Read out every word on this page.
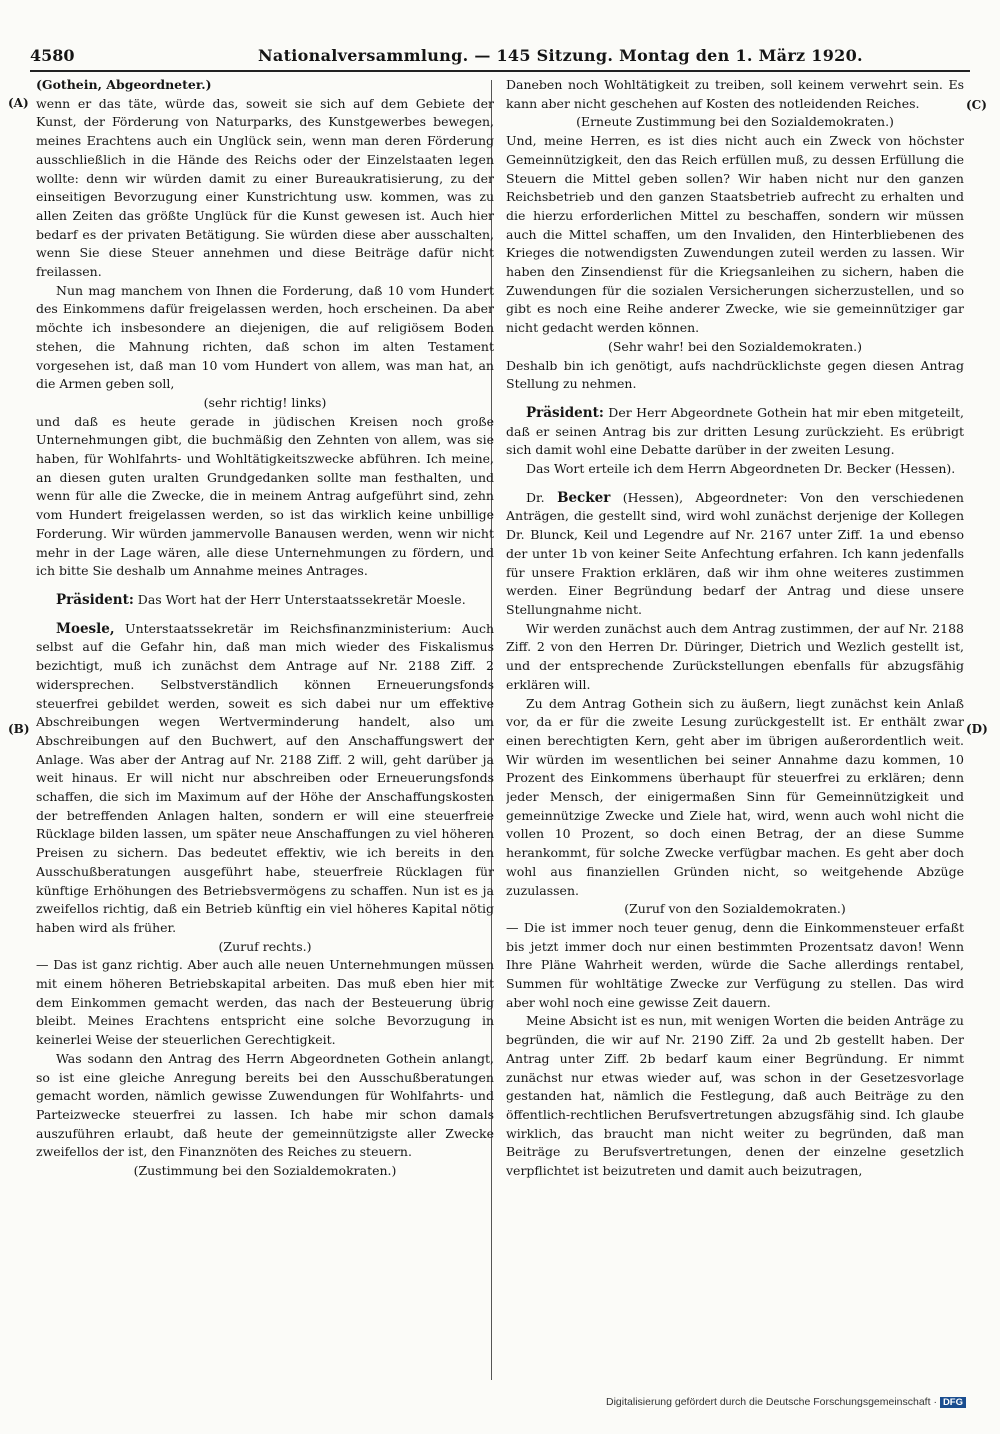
4580	Nationalversammlung. — 145 Sitzung. Montag den 1. März 1920.
(A)
(B)
(C)
(D)

(Gothein, Abgeordneter.)

wenn er das täte, würde das, soweit sie sich auf dem Gebiete der Kunst, der Förderung von Naturparks, des Kunstgewerbes bewegen, meines Erachtens auch ein Unglück sein, wenn man deren Förderung ausschließlich in die Hände des Reichs oder der Einzelstaaten legen wollte: denn wir würden damit zu einer Bureaukratisierung, zu der einseitigen Bevorzugung einer Kunstrichtung usw. kommen, was zu allen Zeiten das größte Unglück für die Kunst gewesen ist. Auch hier bedarf es der privaten Betätigung. Sie würden diese aber ausschalten, wenn Sie diese Steuer annehmen und diese Beiträge dafür nicht freilassen.

Nun mag manchem von Ihnen die Forderung, daß 10 vom Hundert des Einkommens dafür freigelassen werden, hoch erscheinen. Da aber möchte ich insbesondere an diejenigen, die auf religiösem Boden stehen, die Mahnung richten, daß schon im alten Testament vorgesehen ist, daß man 10 vom Hundert von allem, was man hat, an die Armen geben soll,

(sehr richtig! links)

und daß es heute gerade in jüdischen Kreisen noch große Unternehmungen gibt, die buchmäßig den Zehnten von allem, was sie haben, für Wohlfahrts- und Wohltätigkeitszwecke abführen. Ich meine, an diesen guten uralten Grundgedanken sollte man festhalten, und wenn für alle die Zwecke, die in meinem Antrag aufgeführt sind, zehn vom Hundert freigelassen werden, so ist das wirklich keine unbillige Forderung. Wir würden jammervolle Banausen werden, wenn wir nicht mehr in der Lage wären, alle diese Unternehmungen zu fördern, und ich bitte Sie deshalb um Annahme meines Antrages.

Präsident: Das Wort hat der Herr Unterstaatssekretär Moesle.

Moesle, Unterstaatssekretär im Reichsfinanzministerium: Auch selbst auf die Gefahr hin, daß man mich wieder des Fiskalismus bezichtigt, muß ich zunächst dem Antrage auf Nr. 2188 Ziff. 2 widersprechen. Selbstverständlich können Erneuerungsfonds steuerfrei gebildet werden, soweit es sich dabei nur um effektive Abschreibungen wegen Wertverminderung handelt, also um Abschreibungen auf den Buchwert, auf den Anschaffungswert der Anlage. Was aber der Antrag auf Nr. 2188 Ziff. 2 will, geht darüber ja weit hinaus. Er will nicht nur abschreiben oder Erneuerungsfonds schaffen, die sich im Maximum auf der Höhe der Anschaffungskosten der betreffenden Anlagen halten, sondern er will eine steuerfreie Rücklage bilden lassen, um später neue Anschaffungen zu viel höheren Preisen zu sichern. Das bedeutet effektiv, wie ich bereits in den Ausschußberatungen ausgeführt habe, steuerfreie Rücklagen für künftige Erhöhungen des Betriebsvermögens zu schaffen. Nun ist es ja zweifellos richtig, daß ein Betrieb künftig ein viel höheres Kapital nötig haben wird als früher.

(Zuruf rechts.)

— Das ist ganz richtig. Aber auch alle neuen Unternehmungen müssen mit einem höheren Betriebskapital arbeiten. Das muß eben hier mit dem Einkommen gemacht werden, das nach der Besteuerung übrig bleibt. Meines Erachtens entspricht eine solche Bevorzugung in keinerlei Weise der steuerlichen Gerechtigkeit.

Was sodann den Antrag des Herrn Abgeordneten Gothein anlangt, so ist eine gleiche Anregung bereits bei den Ausschußberatungen gemacht worden, nämlich gewisse Zuwendungen für Wohlfahrts- und Parteizwecke steuerfrei zu lassen. Ich habe mir schon damals auszuführen erlaubt, daß heute der gemeinnützigste aller Zwecke zweifellos der ist, den Finanznöten des Reiches zu steuern.

(Zustimmung bei den Sozialdemokraten.)

Daneben noch Wohltätigkeit zu treiben, soll keinem verwehrt sein. Es kann aber nicht geschehen auf Kosten des notleidenden Reiches.

(Erneute Zustimmung bei den Sozialdemokraten.)

Und, meine Herren, es ist dies nicht auch ein Zweck von höchster Gemeinnützigkeit, den das Reich erfüllen muß, zu dessen Erfüllung die Steuern die Mittel geben sollen? Wir haben nicht nur den ganzen Reichsbetrieb und den ganzen Staatsbetrieb aufrecht zu erhalten und die hierzu erforderlichen Mittel zu beschaffen, sondern wir müssen auch die Mittel schaffen, um den Invaliden, den Hinterbliebenen des Krieges die notwendigsten Zuwendungen zuteil werden zu lassen. Wir haben den Zinsendienst für die Kriegsanleihen zu sichern, haben die Zuwendungen für die sozialen Versicherungen sicherzustellen, und so gibt es noch eine Reihe anderer Zwecke, wie sie gemeinnütziger gar nicht gedacht werden können.

(Sehr wahr! bei den Sozialdemokraten.)

Deshalb bin ich genötigt, aufs nachdrücklichste gegen diesen Antrag Stellung zu nehmen.

Präsident: Der Herr Abgeordnete Gothein hat mir eben mitgeteilt, daß er seinen Antrag bis zur dritten Lesung zurückzieht. Es erübrigt sich damit wohl eine Debatte darüber in der zweiten Lesung.

Das Wort erteile ich dem Herrn Abgeordneten Dr. Becker (Hessen).

Dr. Becker (Hessen), Abgeordneter: Von den verschiedenen Anträgen, die gestellt sind, wird wohl zunächst derjenige der Kollegen Dr. Blunck, Keil und Legendre auf Nr. 2167 unter Ziff. 1a und ebenso der unter 1b von keiner Seite Anfechtung erfahren. Ich kann jedenfalls für unsere Fraktion erklären, daß wir ihm ohne weiteres zustimmen werden. Einer Begründung bedarf der Antrag und diese unsere Stellungnahme nicht.

Wir werden zunächst auch dem Antrag zustimmen, der auf Nr. 2188 Ziff. 2 von den Herren Dr. Düringer, Dietrich und Wezlich gestellt ist, und der entsprechende Zurückstellungen ebenfalls für abzugsfähig erklären will.

Zu dem Antrag Gothein sich zu äußern, liegt zunächst kein Anlaß vor, da er für die zweite Lesung zurückgestellt ist. Er enthält zwar einen berechtigten Kern, geht aber im übrigen außerordentlich weit. Wir würden im wesentlichen bei seiner Annahme dazu kommen, 10 Prozent des Einkommens überhaupt für steuerfrei zu erklären; denn jeder Mensch, der einigermaßen Sinn für Gemeinnützigkeit und gemeinnützige Zwecke und Ziele hat, wird, wenn auch wohl nicht die vollen 10 Prozent, so doch einen Betrag, der an diese Summe herankommt, für solche Zwecke verfügbar machen. Es geht aber doch wohl aus finanziellen Gründen nicht, so weitgehende Abzüge zuzulassen.

(Zuruf von den Sozialdemokraten.)

— Die ist immer noch teuer genug, denn die Einkommensteuer erfaßt bis jetzt immer doch nur einen bestimmten Prozentsatz davon! Wenn Ihre Pläne Wahrheit werden, würde die Sache allerdings rentabel, Summen für wohltätige Zwecke zur Verfügung zu stellen. Das wird aber wohl noch eine gewisse Zeit dauern.

Meine Absicht ist es nun, mit wenigen Worten die beiden Anträge zu begründen, die wir auf Nr. 2190 Ziff. 2a und 2b gestellt haben. Der Antrag unter Ziff. 2b bedarf kaum einer Begründung. Er nimmt zunächst nur etwas wieder auf, was schon in der Gesetzesvorlage gestanden hat, nämlich die Festlegung, daß auch Beiträge zu den öffentlich-rechtlichen Berufsvertretungen abzugsfähig sind. Ich glaube wirklich, das braucht man nicht weiter zu begründen, daß man Beiträge zu Berufsvertretungen, denen der einzelne gesetzlich verpflichtet ist beizutreten und damit auch beizutragen,

Digitalisierung gefördert durch die Deutsche Forschungsgemeinschaft · DFG
